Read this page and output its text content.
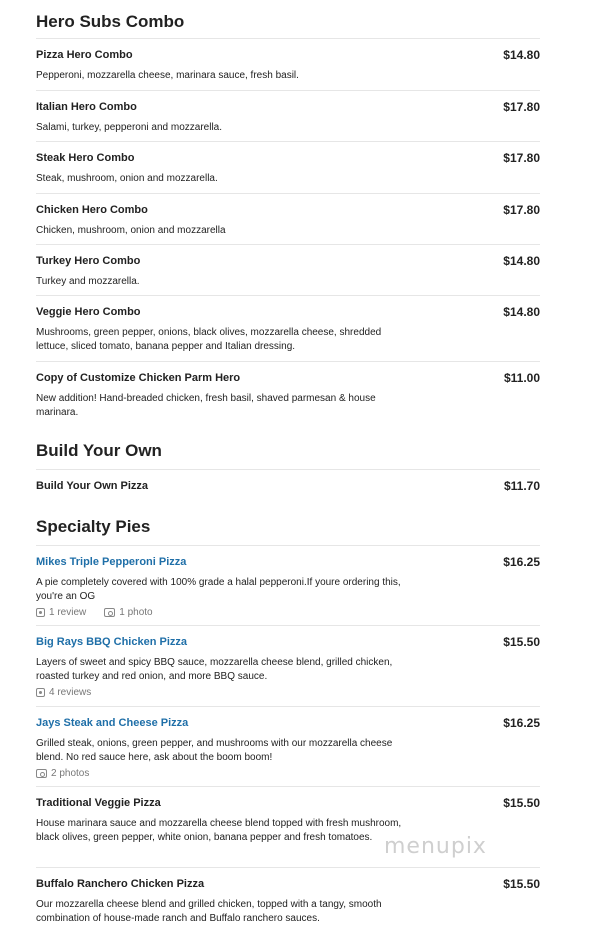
Hero Subs Combo
Pizza Hero Combo	$14.80
Pepperoni, mozzarella cheese, marinara sauce, fresh basil.
Italian Hero Combo	$17.80
Salami, turkey, pepperoni and mozzarella.
Steak Hero Combo	$17.80
Steak, mushroom, onion and mozzarella.
Chicken Hero Combo	$17.80
Chicken, mushroom, onion and mozzarella
Turkey Hero Combo	$14.80
Turkey and mozzarella.
Veggie Hero Combo	$14.80
Mushrooms, green pepper, onions, black olives, mozzarella cheese, shredded lettuce, sliced tomato, banana pepper and Italian dressing.
Copy of Customize Chicken Parm Hero	$11.00
New addition! Hand-breaded chicken, fresh basil, shaved parmesan & house marinara.
Build Your Own
Build Your Own Pizza	$11.70
Specialty Pies
Mikes Triple Pepperoni Pizza	$16.25
A pie completely covered with 100% grade a halal pepperoni.If youre ordering this, you're an OG
1 review	1 photo
Big Rays BBQ Chicken Pizza	$15.50
Layers of sweet and spicy BBQ sauce, mozzarella cheese blend, grilled chicken, roasted turkey and red onion, and more BBQ sauce.
4 reviews
Jays Steak and Cheese Pizza	$16.25
Grilled steak, onions, green pepper, and mushrooms with our mozzarella cheese blend. No red sauce here, ask about the boom boom!
2 photos
Traditional Veggie Pizza	$15.50
House marinara sauce and mozzarella cheese blend topped with fresh mushroom, black olives, green pepper, white onion, banana pepper and fresh tomatoes.
Buffalo Ranchero Chicken Pizza	$15.50
Our mozzarella cheese blend and grilled chicken, topped with a tangy, smooth combination of house-made ranch and Buffalo ranchero sauces.
menupix
